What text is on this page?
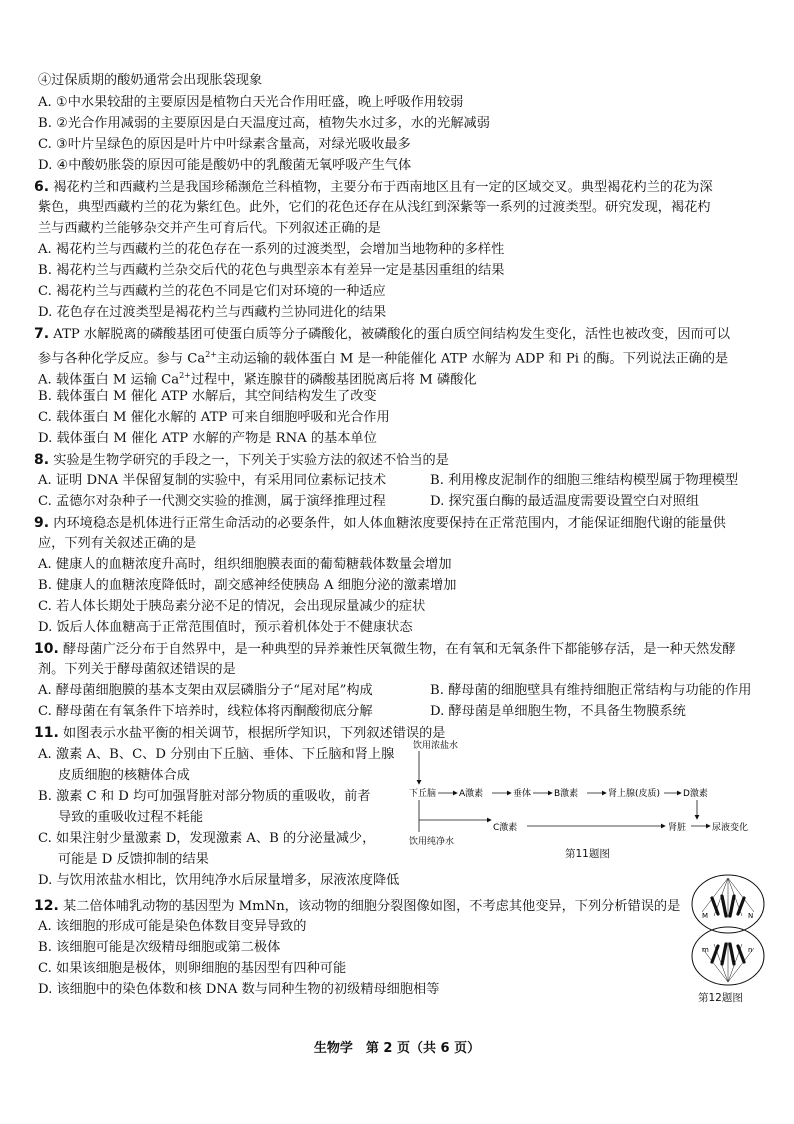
④过保质期的酸奶通常会出现胀袋现象
A. ①中水果较甜的主要原因是植物白天光合作用旺盛，晚上呼吸作用较弱
B. ②光合作用减弱的主要原因是白天温度过高，植物失水过多，水的光解减弱
C. ③叶片呈绿色的原因是叶片中叶绿素含量高，对绿光吸收最多
D. ④中酸奶胀袋的原因可能是酸奶中的乳酸菌无氧呼吸产生气体
6. 褐花杓兰和西藏杓兰是我国珍稀濒危兰科植物，主要分布于西南地区且有一定的区域交叉。典型褐花杓兰的花为深
紫色，典型西藏杓兰的花为紫红色。此外，它们的花色还存在从浅红到深紫等一系列的过渡类型。研究发现，褐花杓
兰与西藏杓兰能够杂交并产生可育后代。下列叙述正确的是
A. 褐花杓兰与西藏杓兰的花色存在一系列的过渡类型，会增加当地物种的多样性
B. 褐花杓兰与西藏杓兰杂交后代的花色与典型亲本有差异一定是基因重组的结果
C. 褐花杓兰与西藏杓兰的花色不同是它们对环境的一种适应
D. 花色存在过渡类型是褐花杓兰与西藏杓兰协同进化的结果
7. ATP 水解脱离的磷酸基团可使蛋白质等分子磷酸化，被磷酸化的蛋白质空间结构发生变化，活性也被改变，因而可以
参与各种化学反应。参与 $Ca^{2+}$主动运输的载体蛋白 M 是一种能催化 ATP 水解为 ADP 和 Pi 的酶。下列说法正确的是
A. 载体蛋白 M 运输 $Ca^{2+}$过程中，紧连腺苷的磷酸基团脱离后将 M 磷酸化
B. 载体蛋白 M 催化 ATP 水解后，其空间结构发生了改变
C. 载体蛋白 M 催化水解的 ATP 可来自细胞呼吸和光合作用
D. 载体蛋白 M 催化 ATP 水解的产物是 RNA 的基本单位
8. 实验是生物学研究的手段之一，下列关于实验方法的叙述不恰当的是
A. 证明 DNA 半保留复制的实验中，有采用同位素标记技术	B. 利用橡皮泥制作的细胞三维结构模型属于物理模型
C. 孟德尔对杂种子一代测交实验的推测，属于演绎推理过程	D. 探究蛋白酶的最适温度需要设置空白对照组
9. 内环境稳态是机体进行正常生命活动的必要条件，如人体血糖浓度要保持在正常范围内，才能保证细胞代谢的能量供
应，下列有关叙述正确的是
A. 健康人的血糖浓度升高时，组织细胞膜表面的葡萄糖载体数量会增加
B. 健康人的血糖浓度降低时，副交感神经使胰岛 A 细胞分泌的激素增加
C. 若人体长期处于胰岛素分泌不足的情况，会出现尿量减少的症状
D. 饭后人体血糖高于正常范围值时，预示着机体处于不健康状态
10. 酵母菌广泛分布于自然界中，是一种典型的异养兼性厌氧微生物，在有氧和无氧条件下都能够存活，是一种天然发酵
剂。下列关于酵母菌叙述错误的是
A. 酵母菌细胞膜的基本支架由双层磷脂分子“尾对尾”构成	B. 酵母菌的细胞壁具有维持细胞正常结构与功能的作用
C. 酵母菌在有氧条件下培养时，线粒体将丙酮酸彻底分解	D. 酵母菌是单细胞生物，不具备生物膜系统
11. 如图表示水盐平衡的相关调节，根据所学知识，下列叙述错误的是
A. 激素 A、B、C、D 分别由下丘脑、垂体、下丘脑和肾上腺
皮质细胞的核糖体合成
B. 激素 C 和 D 均可加强肾脏对部分物质的重吸收，前者
导致的重吸收过程不耗能
C. 如果注射少量激素 D，发现激素 A、B 的分泌量减少，
可能是 D 反馈抑制的结果
D. 与饮用浓盐水相比，饮用纯净水后尿量增多，尿液浓度降低
饮用浓盐水
下丘脑	A激素	垂体	B激素	肾上腺(皮质)	D激素
C激素	肾脏	尿液变化
饮用纯净水
第11题图
12. 某二倍体哺乳动物的基因型为 MmNn，该动物的细胞分裂图像如图，不考虑其他变异，下列分析错误的是
A. 该细胞的形成可能是染色体数目变异导致的
B. 该细胞可能是次级精母细胞或第二极体
C. 如果该细胞是极体，则卵细胞的基因型有四种可能
D. 该细胞中的染色体数和核 DNA 数与同种生物的初级精母细胞相等
M	N
m	n
第12题图
生物学　第 2 页（共 6 页）
